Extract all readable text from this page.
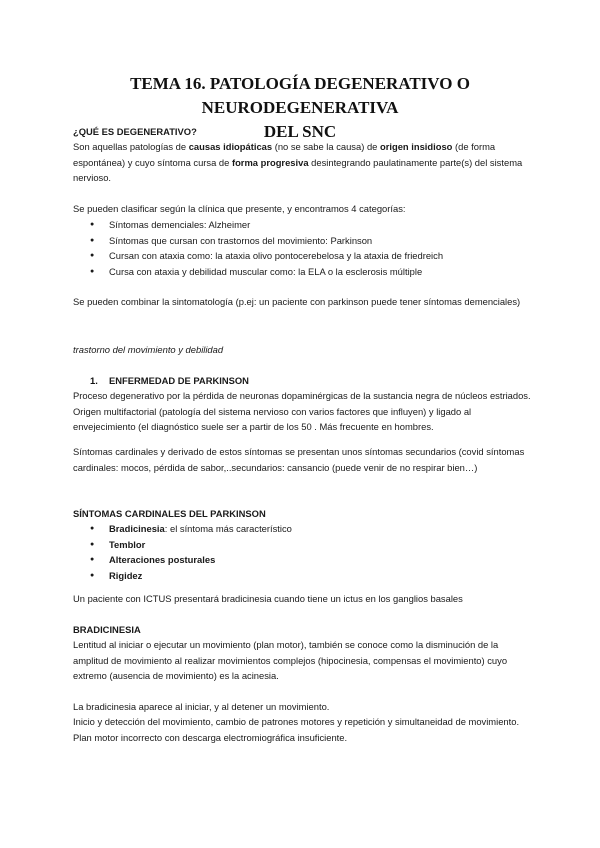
TEMA 16. PATOLOGÍA DEGENERATIVO O NEURODEGENERATIVA
DEL SNC
¿QUÉ ES DEGENERATIVO?
Son aquellas patologías de causas idiopáticas (no se sabe la causa) de origen insidioso (de forma espontánea) y cuyo síntoma cursa de forma progresiva desintegrando paulatinamente parte(s) del sistema nervioso.
Se pueden clasificar según la clínica que presente, y encontramos 4 categorías:
● Síntomas demenciales: Alzheimer
● Síntomas que cursan con trastornos del movimiento: Parkinson
● Cursan con ataxia como: la ataxia olivo pontocerebelosa y la ataxia de friedreich
● Cursa con ataxia y debilidad muscular como: la ELA o la esclerosis múltiple
Se pueden combinar la sintomatología (p.ej: un paciente con parkinson puede tener síntomas demenciales)
trastorno del movimiento y debilidad
1. ENFERMEDAD DE PARKINSON
Proceso degenerativo por la pérdida de neuronas dopaminérgicas de la sustancia negra de núcleos estriados. Origen multifactorial (patología del sistema nervioso con varios factores que influyen) y ligado al envejecimiento (el diagnóstico suele ser a partir de los 50 . Más frecuente en hombres.
Síntomas cardinales y derivado de estos síntomas se presentan unos síntomas secundarios (covid síntomas cardinales: mocos, pérdida de sabor,..secundarios: cansancio (puede venir de no respirar bien…)
SÍNTOMAS CARDINALES DEL PARKINSON
● Bradicinesia: el síntoma más característico
● Temblor
● Alteraciones posturales
● Rigidez
Un paciente con ICTUS presentará bradicinesia cuando tiene un ictus en los ganglios basales
BRADICINESIA
Lentitud al iniciar o ejecutar un movimiento (plan motor), también se conoce como la disminución de la amplitud de movimiento al realizar movimientos complejos (hipocinesia, compensas el movimiento) cuyo extremo (ausencia de movimiento) es la acinesia.
La bradicinesia aparece al iniciar, y al detener un movimiento.
Inicio y detección del movimiento, cambio de patrones motores y repetición y simultaneidad de movimiento. Plan motor incorrecto con descarga electromiográfica insuficiente.
